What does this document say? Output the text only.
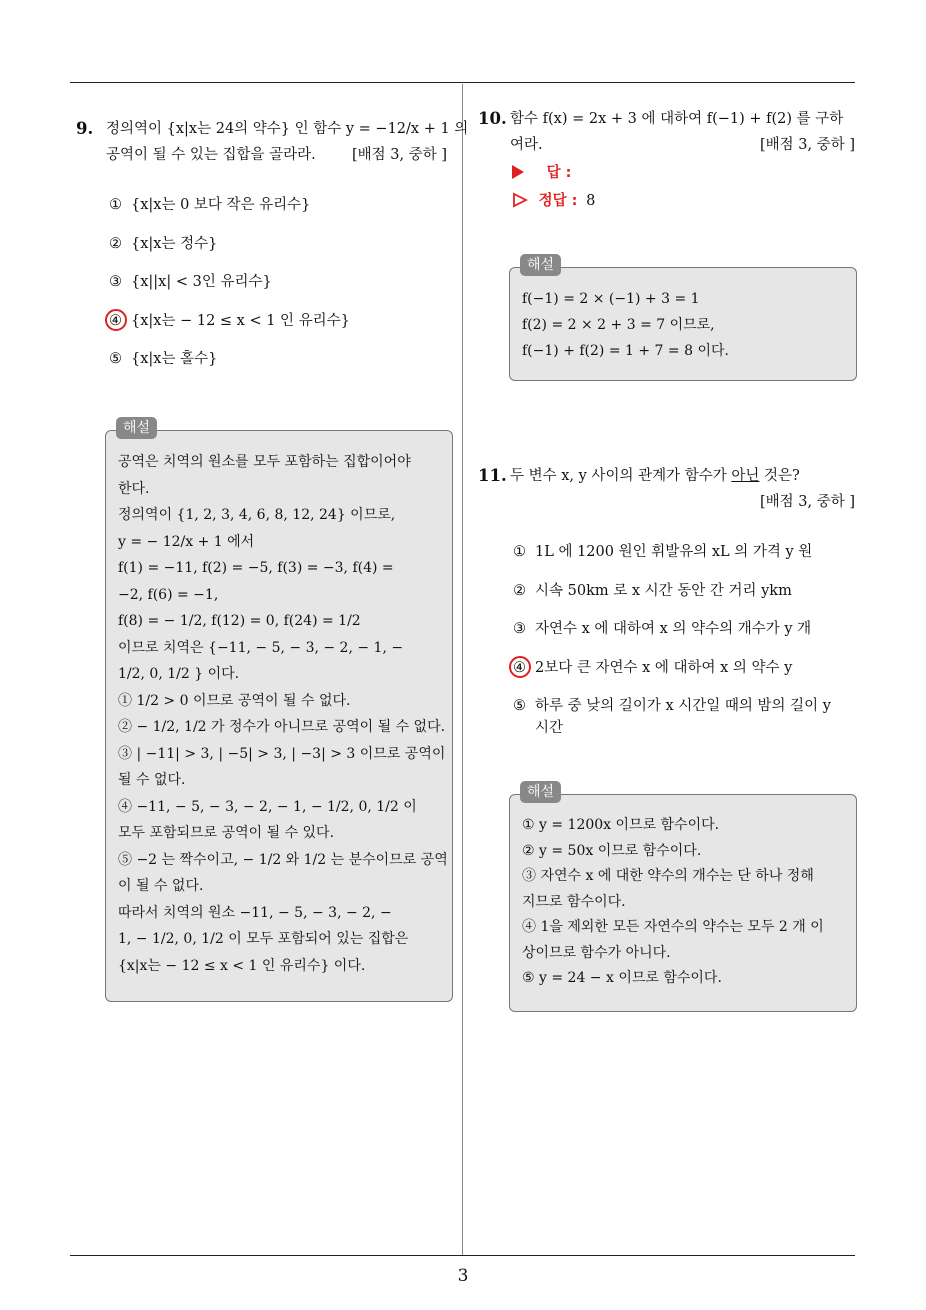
3
9. 정의역이 {x|x는 24의 약수} 인 함수 y = −12/x + 1 의
공역이 될 수 있는 집합을 골라라.	[배점 3, 중하 ]
① {x|x는 0 보다 작은 유리수}
② {x|x는 정수}
③ {x||x| < 3인 유리수}
④ {x|x는 − 12 ≤ x < 1 인 유리수}
⑤ {x|x는 홀수}
해설
공역은 치역의 원소를 모두 포함하는 집합이어야
한다.
정의역이 {1, 2, 3, 4, 6, 8, 12, 24} 이므로,
y = − 12/x + 1 에서
f(1) = −11, f(2) = −5, f(3) = −3, f(4) =
−2, f(6) = −1,
f(8) = − 1/2, f(12) = 0, f(24) = 1/2
이므로 치역은 {−11, − 5, − 3, − 2, − 1, −
1/2, 0, 1/2 } 이다.
① 1/2 > 0 이므로 공역이 될 수 없다.
② − 1/2, 1/2 가 정수가 아니므로 공역이 될 수 없다.
③ | −11| > 3, | −5| > 3, | −3| > 3 이므로 공역이
될 수 없다.
④ −11, − 5, − 3, − 2, − 1, − 1/2, 0, 1/2 이
모두 포함되므로 공역이 될 수 있다.
⑤ −2 는 짝수이고, − 1/2 와 1/2 는 분수이므로 공역
이 될 수 없다.
따라서 치역의 원소 −11, − 5, − 3, − 2, −
1, − 1/2, 0, 1/2 이 모두 포함되어 있는 집합은
{x|x는 − 12 ≤ x < 1 인 유리수} 이다.
10. 함수 f(x) = 2x + 3 에 대하여 f(−1) + f(2) 를 구하
여라.	[배점 3, 중하 ]
답 :
정답 : 8
해설
f(−1) = 2 × (−1) + 3 = 1
f(2) = 2 × 2 + 3 = 7 이므로,
f(−1) + f(2) = 1 + 7 = 8 이다.
11. 두 변수 x, y 사이의 관계가 함수가 아닌 것은?
[배점 3, 중하 ]
① 1L 에 1200 원인 휘발유의 xL 의 가격 y 원
② 시속 50km 로 x 시간 동안 간 거리 ykm
③ 자연수 x 에 대하여 x 의 약수의 개수가 y 개
④ 2보다 큰 자연수 x 에 대하여 x 의 약수 y
⑤ 하루 중 낮의 길이가 x 시간일 때의 밤의 길이 y
시간
해설
① y = 1200x 이므로 함수이다.
② y = 50x 이므로 함수이다.
③ 자연수 x 에 대한 약수의 개수는 단 하나 정해
지므로 함수이다.
④ 1을 제외한 모든 자연수의 약수는 모두 2 개 이
상이므로 함수가 아니다.
⑤ y = 24 − x 이므로 함수이다.
